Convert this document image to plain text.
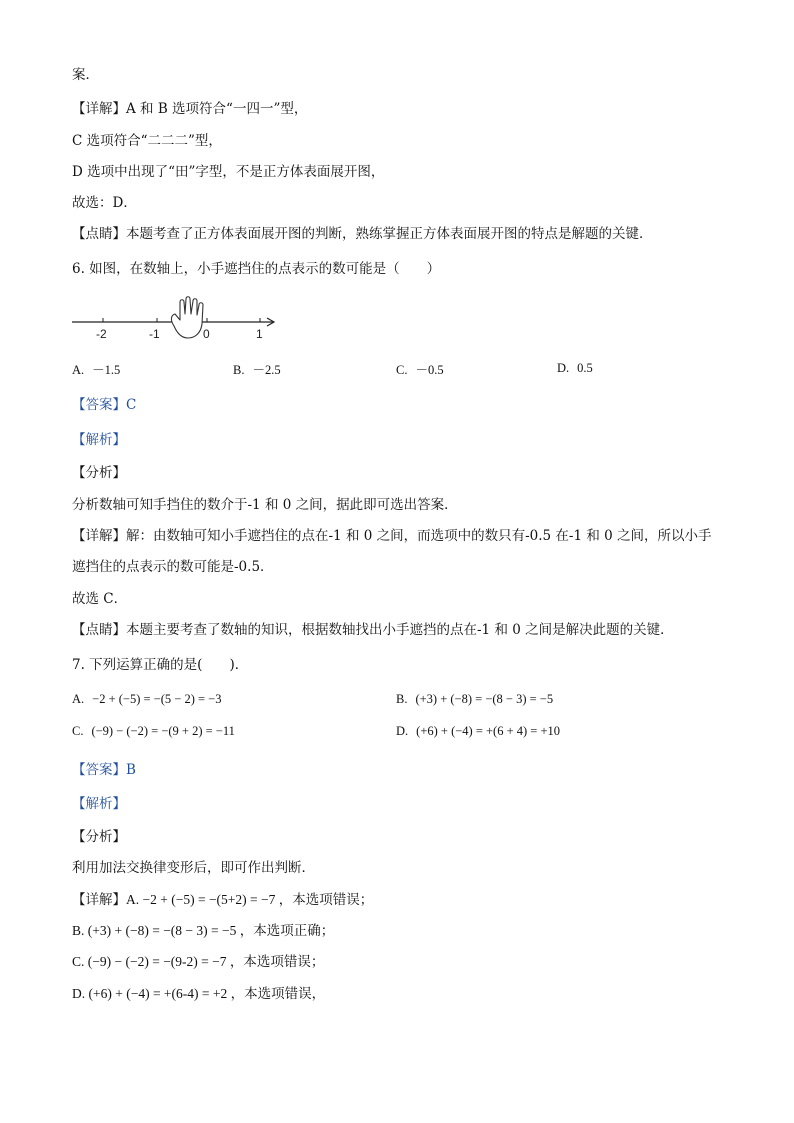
案．
【详解】A 和 B 选项符合“一四一”型，
C 选项符合“二二二”型，
D 选项中出现了“田”字型，不是正方体表面展开图，
故选：D．
【点睛】本题考查了正方体表面展开图的判断，熟练掌握正方体表面展开图的特点是解题的关键．
6. 如图，在数轴上，小手遮挡住的点表示的数可能是（　　）
-2	-1	0	1
A. －1.5	B. －2.5	C. －0.5	D. 0.5
【答案】C
【解析】
【分析】
分析数轴可知手挡住的数介于-1 和 0 之间，据此即可选出答案．
【详解】解：由数轴可知小手遮挡住的点在-1 和 0 之间，而选项中的数只有-0.5 在-1 和 0 之间，所以小手
遮挡住的点表示的数可能是-0.5．
故选 C．
【点睛】本题主要考查了数轴的知识，根据数轴找出小手遮挡的点在-1 和 0 之间是解决此题的关键．
7. 下列运算正确的是(　　)．
A. −2 + (−5) = −(5 − 2) = −3	B. (+3) + (−8) = −(8 − 3) = −5
C. (−9) − (−2) = −(9 + 2) = −11	D. (+6) + (−4) = +(6 + 4) = +10
【答案】B
【解析】
【分析】
利用加法交换律变形后，即可作出判断．
【详解】A. −2 + (−5) = −(5+2) = −7 ，本选项错误；
B. (+3) + (−8) = −(8 − 3) = −5 ，本选项正确；
C. (−9) − (−2) = −(9-2) = −7 ，本选项错误；
D. (+6) + (−4) = +(6-4) = +2 ，本选项错误，
